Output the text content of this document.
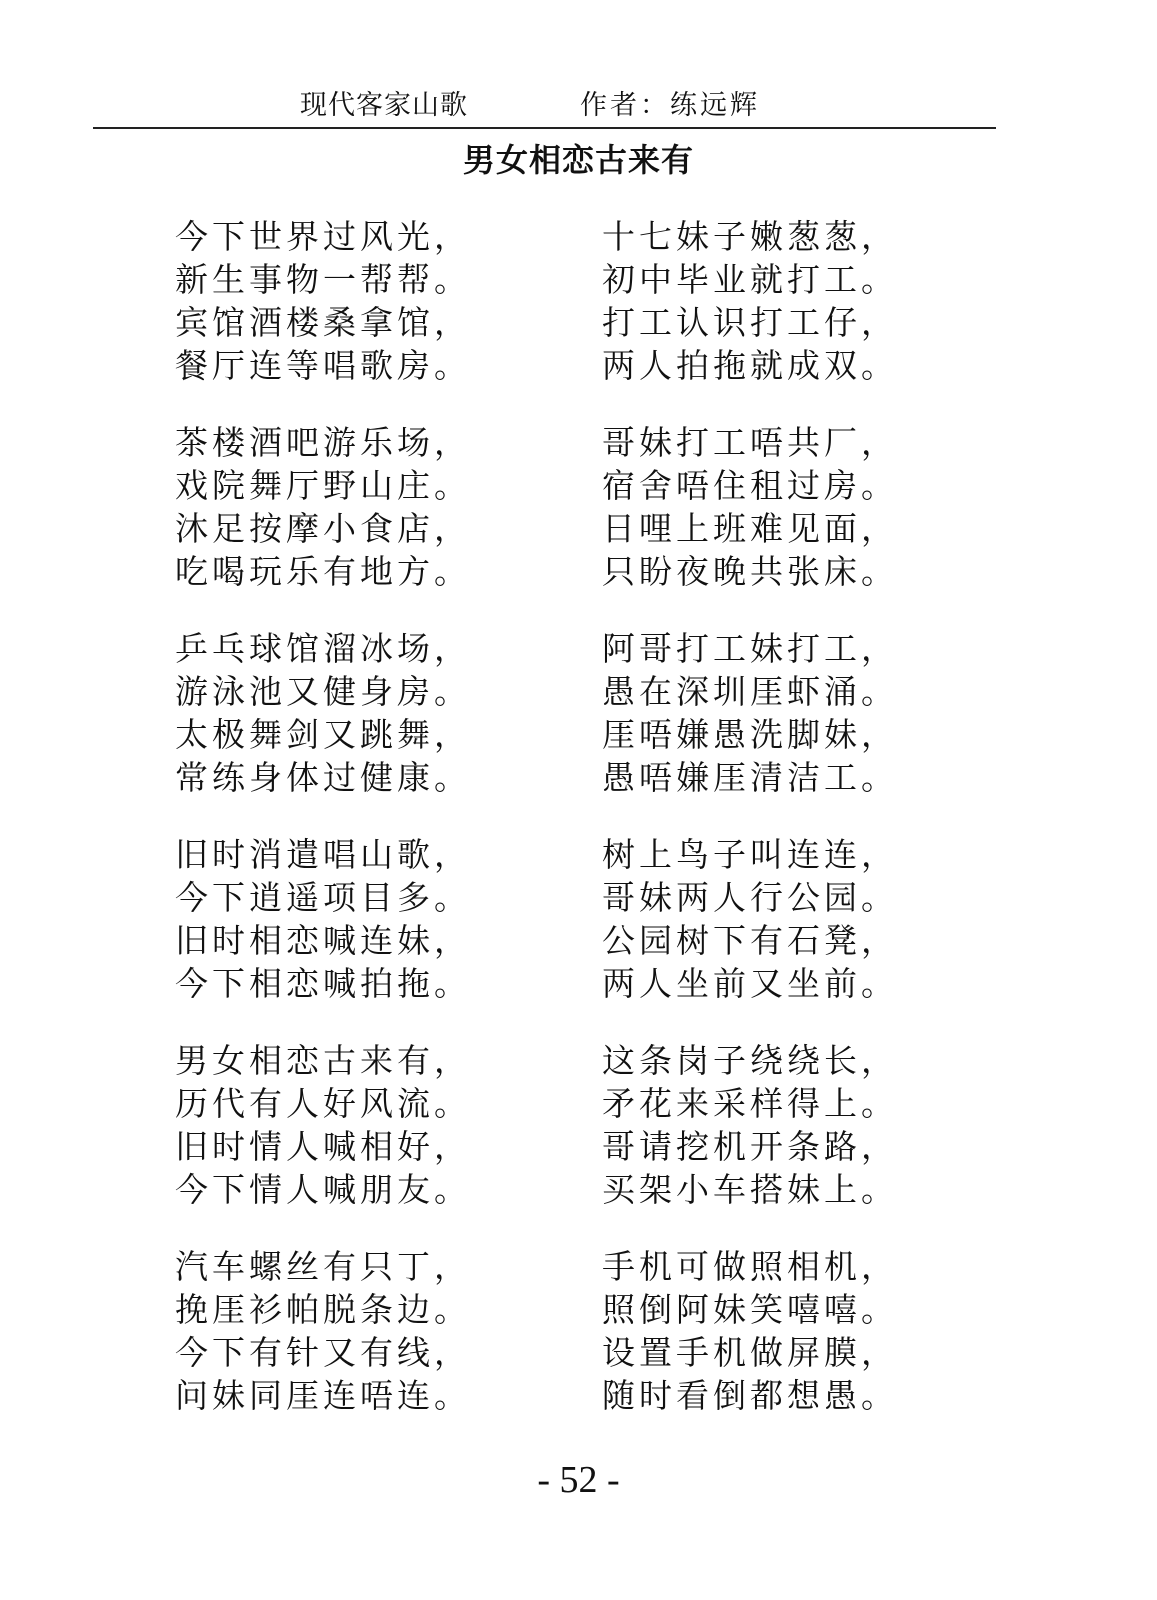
现代客家山歌	作者：练远辉
男女相恋古来有
今下世界过风光，
新生事物一帮帮。
宾馆酒楼桑拿馆，
餐厅连等唱歌房。
茶楼酒吧游乐场，
戏院舞厅野山庄。
沐足按摩小食店，
吃喝玩乐有地方。
乒乓球馆溜冰场，
游泳池又健身房。
太极舞剑又跳舞，
常练身体过健康。
旧时消遣唱山歌，
今下逍遥项目多。
旧时相恋喊连妹，
今下相恋喊拍拖。
男女相恋古来有，
历代有人好风流。
旧时情人喊相好，
今下情人喊朋友。
汽车螺丝有只丁，
挽厓衫帕脱条边。
今下有针又有线，
问妹同厓连唔连。
十七妹子嫩葱葱，
初中毕业就打工。
打工认识打工仔，
两人拍拖就成双。
哥妹打工唔共厂，
宿舍唔住租过房。
日哩上班难见面，
只盼夜晚共张床。
阿哥打工妹打工，
愚在深圳厓虾涌。
厓唔嫌愚洗脚妹，
愚唔嫌厓清洁工。
树上鸟子叫连连，
哥妹两人行公园。
公园树下有石凳，
两人坐前又坐前。
这条岗子绕绕长，
矛花来采样得上。
哥请挖机开条路，
买架小车搭妹上。
手机可做照相机，
照倒阿妹笑嘻嘻。
设置手机做屏膜，
随时看倒都想愚。
- 52 -
